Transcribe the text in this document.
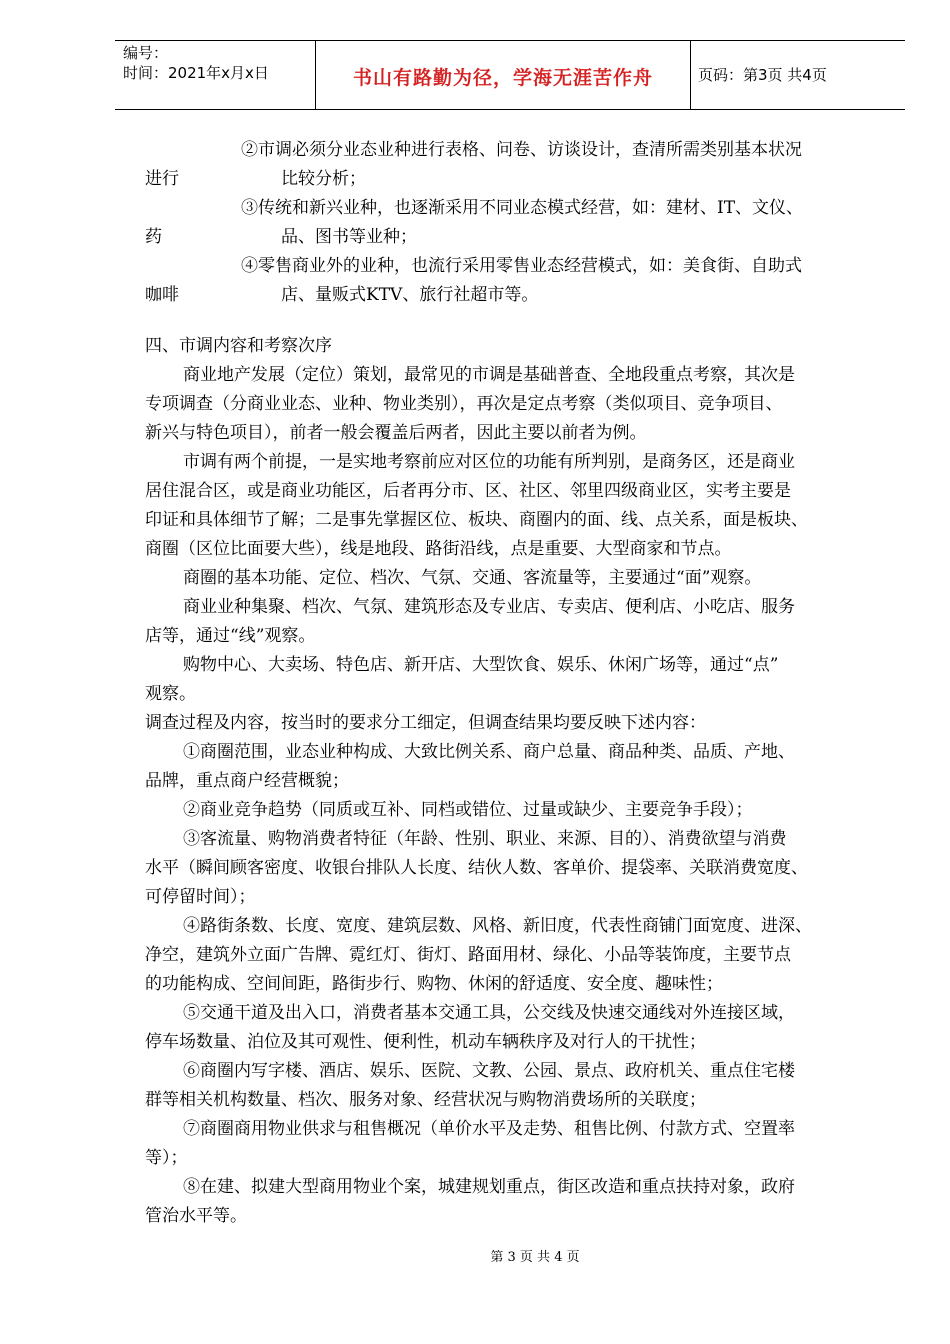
编号：
时间：2021年x月x日	书山有路勤为径，学海无涯苦作舟	页码：第3页 共4页
②市调必须分业态业种进行表格、问卷、访谈设计，查清所需类别基本状况
进行	比较分析；
③传统和新兴业种，也逐渐采用不同业态模式经营，如：建材、IT、文仪、
药	品、图书等业种；
④零售商业外的业种，也流行采用零售业态经营模式，如：美食街、自助式
咖啡	店、量贩式KTV、旅行社超市等。
四、市调内容和考察次序
商业地产发展（定位）策划，最常见的市调是基础普查、全地段重点考察，其次是
专项调查（分商业业态、业种、物业类别），再次是定点考察（类似项目、竞争项目、
新兴与特色项目），前者一般会覆盖后两者，因此主要以前者为例。
市调有两个前提，一是实地考察前应对区位的功能有所判别，是商务区，还是商业
居住混合区，或是商业功能区，后者再分市、区、社区、邻里四级商业区，实考主要是
印证和具体细节了解；二是事先掌握区位、板块、商圈内的面、线、点关系，面是板块、
商圈（区位比面要大些），线是地段、路街沿线，点是重要、大型商家和节点。
商圈的基本功能、定位、档次、气氛、交通、客流量等，主要通过“面”观察。
商业业种集聚、档次、气氛、建筑形态及专业店、专卖店、便利店、小吃店、服务
店等，通过“线”观察。
购物中心、大卖场、特色店、新开店、大型饮食、娱乐、休闲广场等，通过“点”
观察。
调查过程及内容，按当时的要求分工细定，但调查结果均要反映下述内容：
①商圈范围，业态业种构成、大致比例关系、商户总量、商品种类、品质、产地、
品牌，重点商户经营概貌；
②商业竞争趋势（同质或互补、同档或错位、过量或缺少、主要竞争手段）；
③客流量、购物消费者特征（年龄、性别、职业、来源、目的）、消费欲望与消费
水平（瞬间顾客密度、收银台排队人长度、结伙人数、客单价、提袋率、关联消费宽度、
可停留时间）；
④路街条数、长度、宽度、建筑层数、风格、新旧度，代表性商铺门面宽度、进深、
净空，建筑外立面广告牌、霓红灯、街灯、路面用材、绿化、小品等装饰度，主要节点
的功能构成、空间间距，路街步行、购物、休闲的舒适度、安全度、趣味性；
⑤交通干道及出入口，消费者基本交通工具，公交线及快速交通线对外连接区域，
停车场数量、泊位及其可观性、便利性，机动车辆秩序及对行人的干扰性；
⑥商圈内写字楼、酒店、娱乐、医院、文教、公园、景点、政府机关、重点住宅楼
群等相关机构数量、档次、服务对象、经营状况与购物消费场所的关联度；
⑦商圈商用物业供求与租售概况（单价水平及走势、租售比例、付款方式、空置率
等）；
⑧在建、拟建大型商用物业个案，城建规划重点，街区改造和重点扶持对象，政府
管治水平等。
第 3 页 共 4 页
